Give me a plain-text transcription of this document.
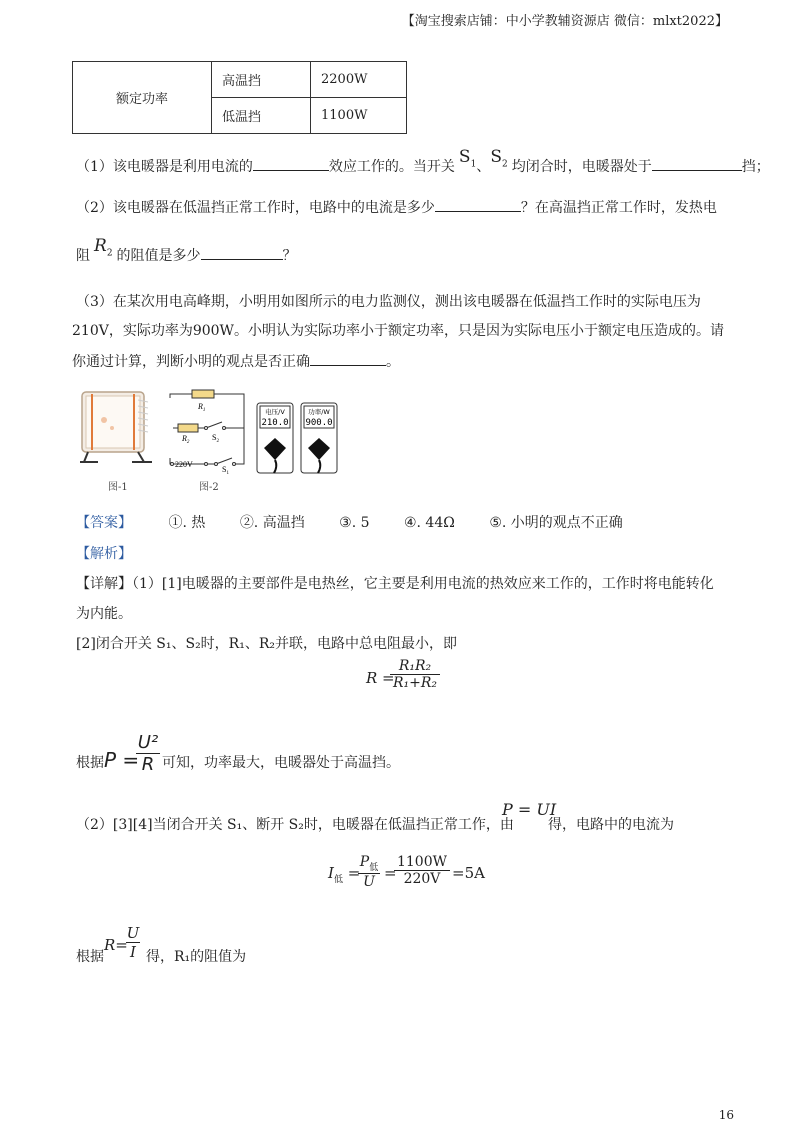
【淘宝搜索店铺：中小学教辅资源店 微信：mlxt2022】
额定功率	高温挡	2200W
	低温挡	1100W
（1）该电暖器是利用电流的	效应工作的。当开关 $S_1$、$S_2$ 均闭合时，电暖器处于	挡；
（2）该电暖器在低温挡正常工作时，电路中的电流是多少	？在高温挡正常工作时，发热电
阻 $R_2$ 的阻值是多少	？
（3）在某次用电高峰期，小明用如图所示的电力监测仪，测出该电暖器在低温挡工作时的实际电压为
210V，实际功率为900W。小明认为实际功率小于额定功率，只是因为实际电压小于额定电压造成的。请
你通过计算，判断小明的观点是否正确	。
图-1
$R_1$
$R_2$
$S_2$
$S_1$
220V
图-2
电压/V
210.0
功率/W
900.0
【答案】	①. 热 ②. 高温挡 ③. 5 ④. 44Ω ⑤. 小明的观点不正确
【解析】
【详解】（1）[1]电暖器的主要部件是电热丝，它主要是利用电流的热效应来工作的，工作时将电能转化
为内能。
[2]闭合开关 S₁、S₂时，R₁、R₂并联，电路中总电阻最小，即
R =
$\frac{\text{R₁R₂}}{\text{R₁+R₂}}$
根据 P =
$\frac{\text{U²}}{R}$ 可知，功率最大，电暖器处于高温挡。
（2）[3][4]当闭合开关 S₁、断开 S₂时，电暖器在低温挡正常工作，由
P = UI
得，电路中的电流为
$I_低$ =
$P_低$
U =
$\frac{1100W}{220V} =5A$
根据
R=
$\frac{U}{I}$ 得，R₁的阻值为
16
